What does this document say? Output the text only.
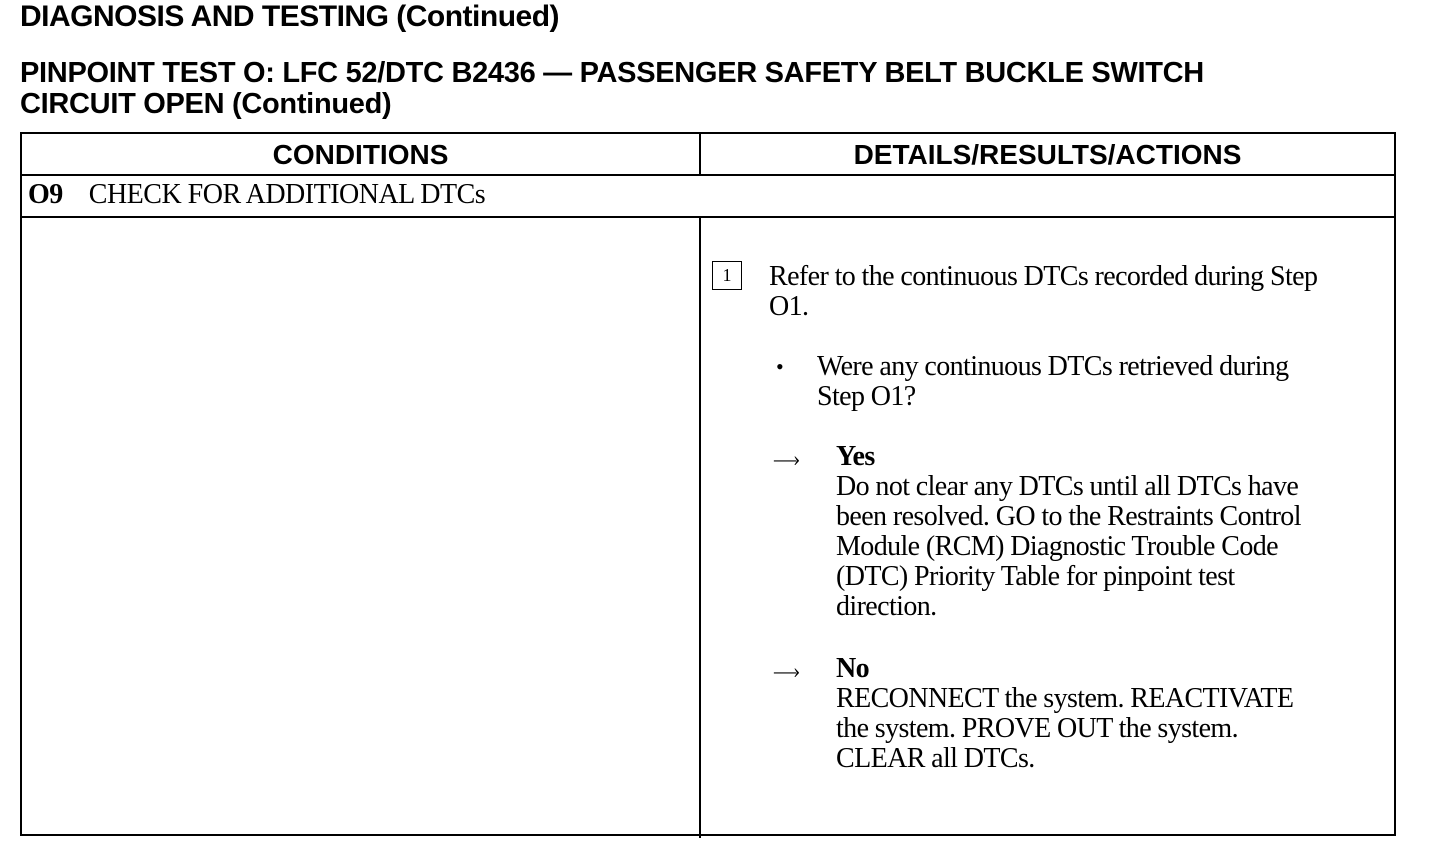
DIAGNOSIS AND TESTING (Continued)
PINPOINT TEST O: LFC 52/DTC B2436 — PASSENGER SAFETY BELT BUCKLE SWITCH
CIRCUIT OPEN (Continued)
CONDITIONS	DETAILS/RESULTS/ACTIONS
O9 CHECK FOR ADDITIONAL DTCs
1	Refer to the continuous DTCs recorded during Step
O1.
• Were any continuous DTCs retrieved during
Step O1?
—› Yes
Do not clear any DTCs until all DTCs have
been resolved. GO to the Restraints Control
Module (RCM) Diagnostic Trouble Code
(DTC) Priority Table for pinpoint test
direction.
—› No
RECONNECT the system. REACTIVATE
the system. PROVE OUT the system.
CLEAR all DTCs.
